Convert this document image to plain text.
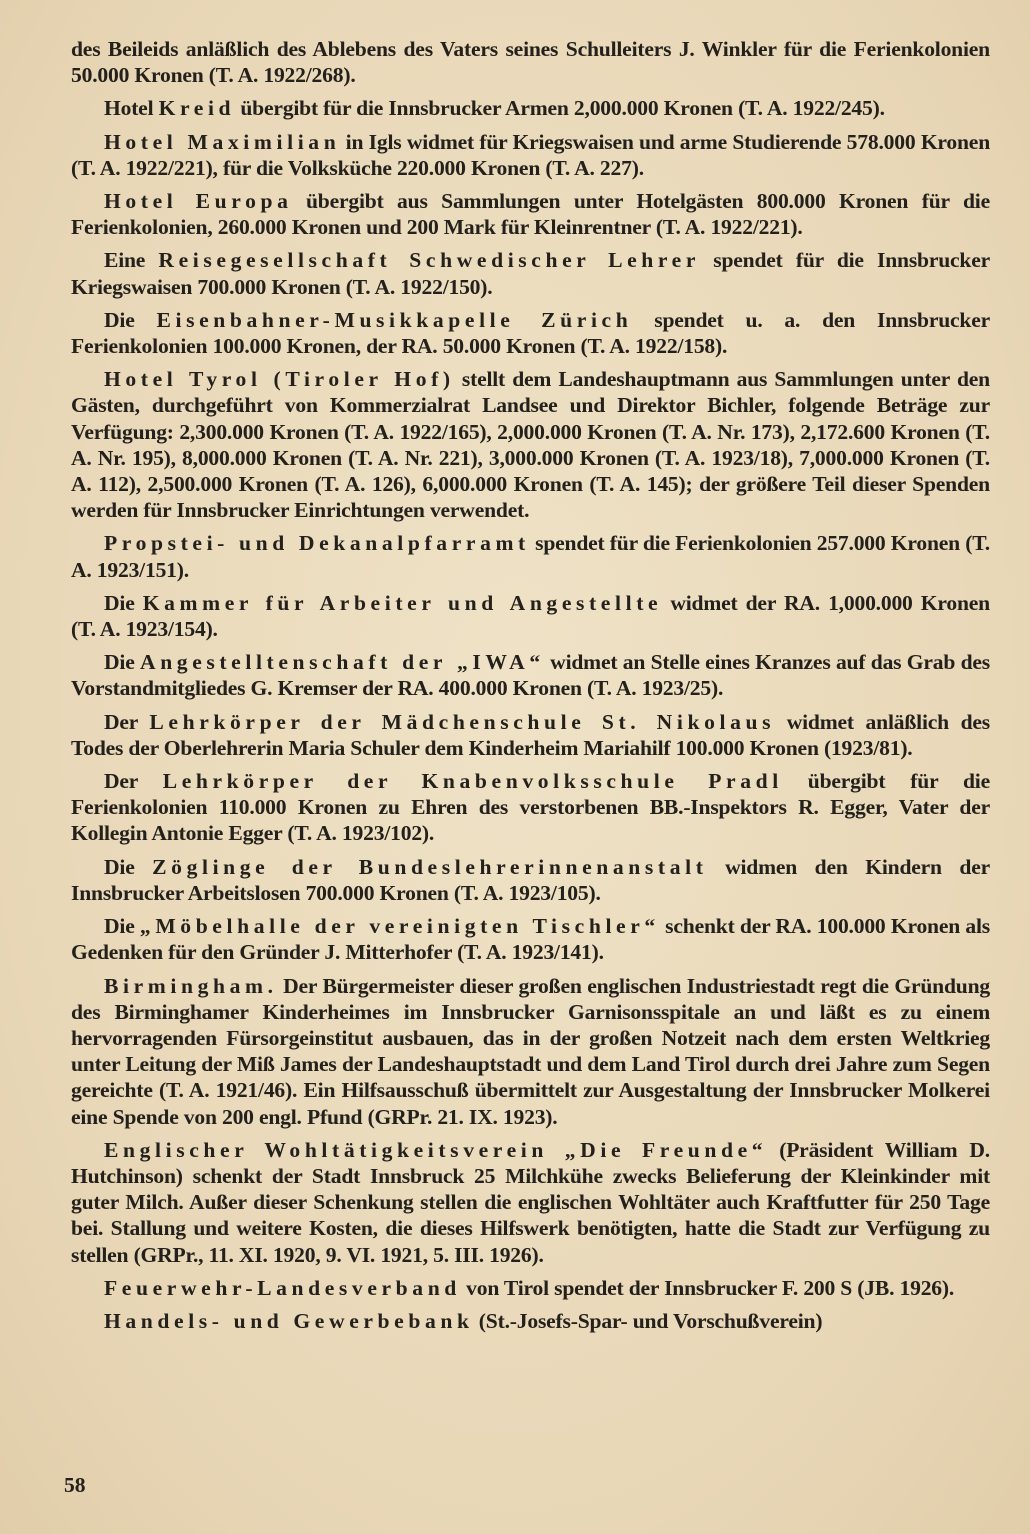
des Beileids anläßlich des Ablebens des Vaters seines Schulleiters J. Winkler für die Ferienkolonien 50.000 Kronen (T. A. 1922/268).

Hotel Kreid übergibt für die Innsbrucker Armen 2,000.000 Kronen (T. A. 1922/245).

Hotel Maximilian in Igls widmet für Kriegswaisen und arme Studierende 578.000 Kronen (T. A. 1922/221), für die Volksküche 220.000 Kronen (T. A. 227).

Hotel Europa übergibt aus Sammlungen unter Hotelgästen 800.000 Kronen für die Ferienkolonien, 260.000 Kronen und 200 Mark für Kleinrentner (T. A. 1922/221).

Eine Reisegesellschaft Schwedischer Lehrer spendet für die Innsbrucker Kriegswaisen 700.000 Kronen (T. A. 1922/150).

Die Eisenbahner-Musikkapelle Zürich spendet u. a. den Innsbrucker Ferienkolonien 100.000 Kronen, der RA. 50.000 Kronen (T. A. 1922/158).

Hotel Tyrol (Tiroler Hof) stellt dem Landeshauptmann aus Sammlungen unter den Gästen, durchgeführt von Kommerzialrat Landsee und Direktor Bichler, folgende Beträge zur Verfügung: 2,300.000 Kronen (T. A. 1922/165), 2,000.000 Kronen (T. A. Nr. 173), 2,172.600 Kronen (T. A. Nr. 195), 8,000.000 Kronen (T. A. Nr. 221), 3,000.000 Kronen (T. A. 1923/18), 7,000.000 Kronen (T. A. 112), 2,500.000 Kronen (T. A. 126), 6,000.000 Kronen (T. A. 145); der größere Teil dieser Spenden werden für Innsbrucker Einrichtungen verwendet.

Propstei- und Dekanalpfarramt spendet für die Ferienkolonien 257.000 Kronen (T. A. 1923/151).

Die Kammer für Arbeiter und Angestellte widmet der RA. 1,000.000 Kronen (T. A. 1923/154).

Die Angestelltenschaft der „IWA“ widmet an Stelle eines Kranzes auf das Grab des Vorstandmitgliedes G. Kremser der RA. 400.000 Kronen (T. A. 1923/25).

Der Lehrkörper der Mädchenschule St. Nikolaus widmet anläßlich des Todes der Oberlehrerin Maria Schuler dem Kinderheim Mariahilf 100.000 Kronen (1923/81).

Der Lehrkörper der Knabenvolksschule Pradl übergibt für die Ferienkolonien 110.000 Kronen zu Ehren des verstorbenen BB.-Inspektors R. Egger, Vater der Kollegin Antonie Egger (T. A. 1923/102).

Die Zöglinge der Bundeslehrerinnenanstalt widmen den Kindern der Innsbrucker Arbeitslosen 700.000 Kronen (T. A. 1923/105).

Die „Möbelhalle der vereinigten Tischler“ schenkt der RA. 100.000 Kronen als Gedenken für den Gründer J. Mitterhofer (T. A. 1923/141).

Birmingham. Der Bürgermeister dieser großen englischen Industriestadt regt die Gründung des Birminghamer Kinderheimes im Innsbrucker Garnisonsspitale an und läßt es zu einem hervorragenden Fürsorgeinstitut ausbauen, das in der großen Notzeit nach dem ersten Weltkrieg unter Leitung der Miß James der Landeshauptstadt und dem Land Tirol durch drei Jahre zum Segen gereichte (T. A. 1921/46). Ein Hilfsausschuß übermittelt zur Ausgestaltung der Innsbrucker Molkerei eine Spende von 200 engl. Pfund (GRPr. 21. IX. 1923).

Englischer Wohltätigkeitsverein „Die Freunde“ (Präsident William D. Hutchinson) schenkt der Stadt Innsbruck 25 Milchkühe zwecks Belieferung der Kleinkinder mit guter Milch. Außer dieser Schenkung stellen die englischen Wohltäter auch Kraftfutter für 250 Tage bei. Stallung und weitere Kosten, die dieses Hilfswerk benötigten, hatte die Stadt zur Verfügung zu stellen (GRPr., 11. XI. 1920, 9. VI. 1921, 5. III. 1926).

Feuerwehr-Landesverband von Tirol spendet der Innsbrucker F. 200 S (JB. 1926).

Handels- und Gewerbebank (St.-Josefs-Spar- und Vorschußverein)

58
